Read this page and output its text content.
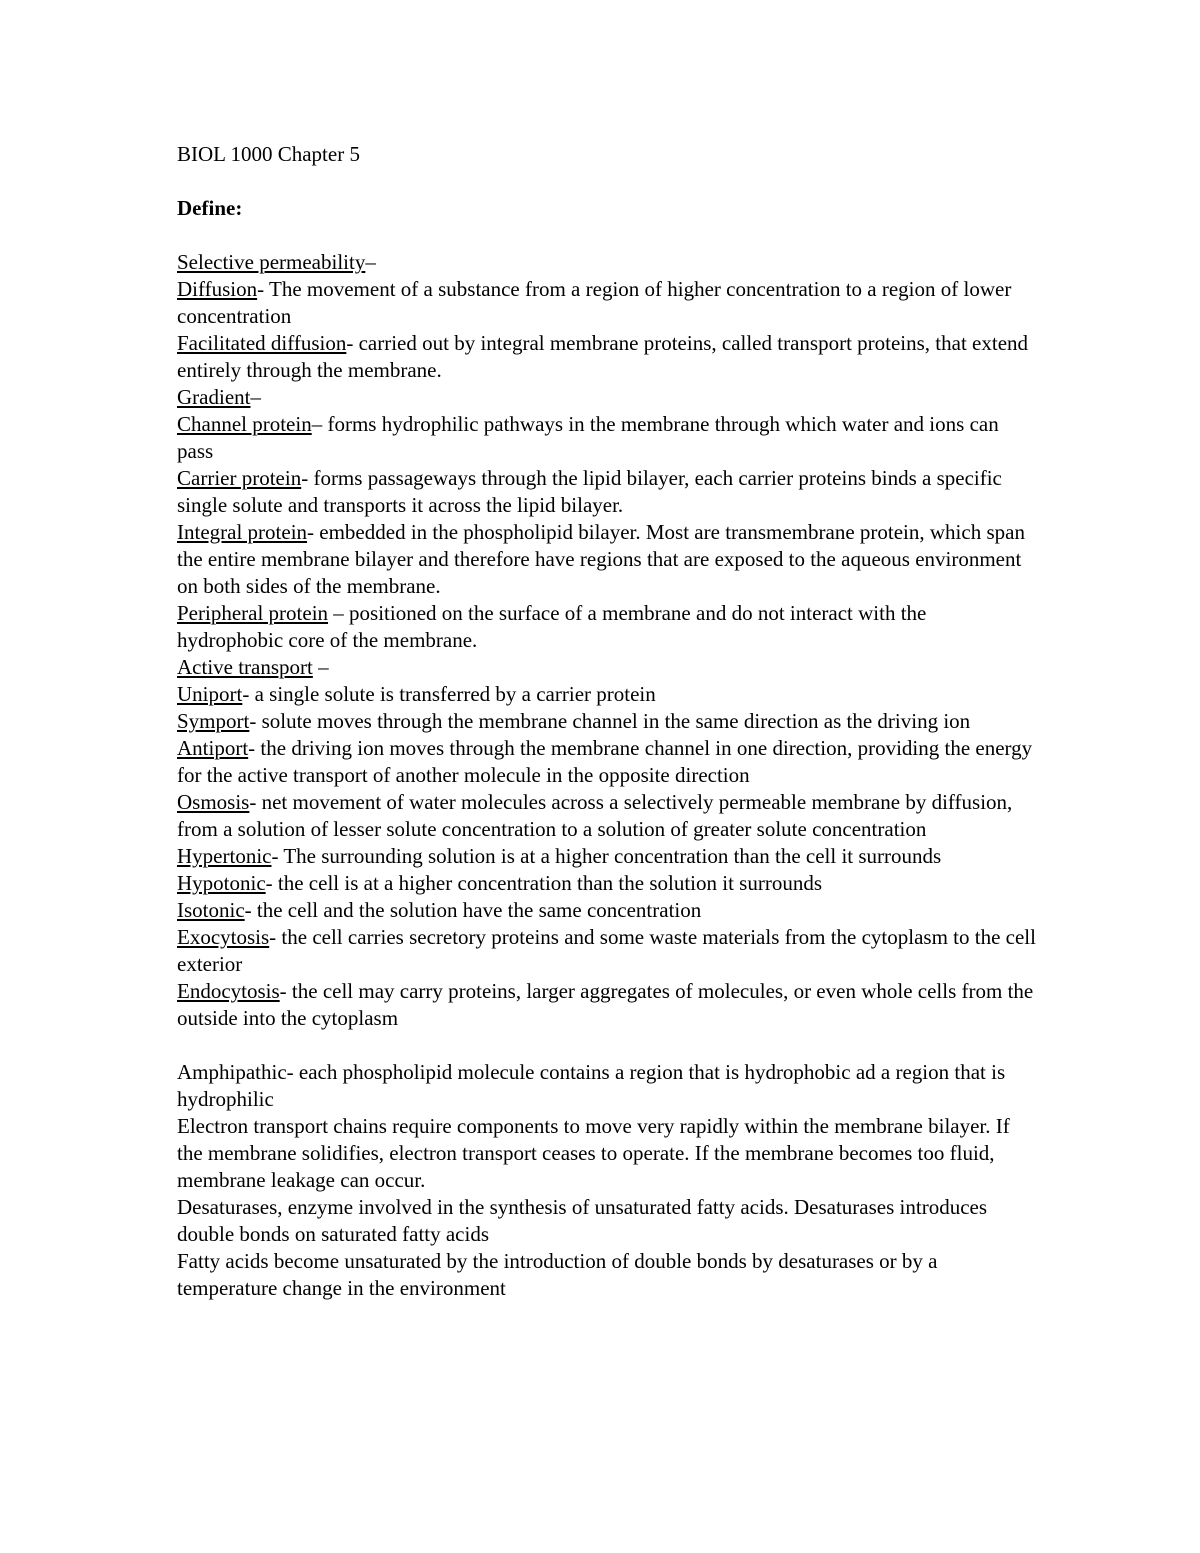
BIOL 1000 Chapter 5

Define:

Selective permeability–

Diffusion- The movement of a substance from a region of higher concentration to a region of lower concentration

Facilitated diffusion- carried out by integral membrane proteins, called transport proteins, that extend entirely through the membrane.

Gradient–

Channel protein– forms hydrophilic pathways in the membrane through which water and ions can pass

Carrier protein- forms passageways through the lipid bilayer, each carrier proteins binds a specific single solute and transports it across the lipid bilayer.

Integral protein- embedded in the phospholipid bilayer. Most are transmembrane protein, which span the entire membrane bilayer and therefore have regions that are exposed to the aqueous environment on both sides of the membrane.

Peripheral protein – positioned on the surface of a membrane and do not interact with the hydrophobic core of the membrane.

Active transport –

Uniport- a single solute is transferred by a carrier protein

Symport- solute moves through the membrane channel in the same direction as the driving ion

Antiport- the driving ion moves through the membrane channel in one direction, providing the energy for the active transport of another molecule in the opposite direction

Osmosis- net movement of water molecules across a selectively permeable membrane by diffusion, from a solution of lesser solute concentration to a solution of greater solute concentration

Hypertonic- The surrounding solution is at a higher concentration than the cell it surrounds

Hypotonic- the cell is at a higher concentration than the solution it surrounds

Isotonic- the cell and the solution have the same concentration

Exocytosis- the cell carries secretory proteins and some waste materials from the cytoplasm to the cell exterior

Endocytosis- the cell may carry proteins, larger aggregates of molecules, or even whole cells from the outside into the cytoplasm

Amphipathic- each phospholipid molecule contains a region that is hydrophobic ad a region that is hydrophilic

Electron transport chains require components to move very rapidly within the membrane bilayer. If the membrane solidifies, electron transport ceases to operate. If the membrane becomes too fluid, membrane leakage can occur.

Desaturases, enzyme involved in the synthesis of unsaturated fatty acids. Desaturases introduces double bonds on saturated fatty acids

Fatty acids become unsaturated by the introduction of double bonds by desaturases or by a temperature change in the environment
